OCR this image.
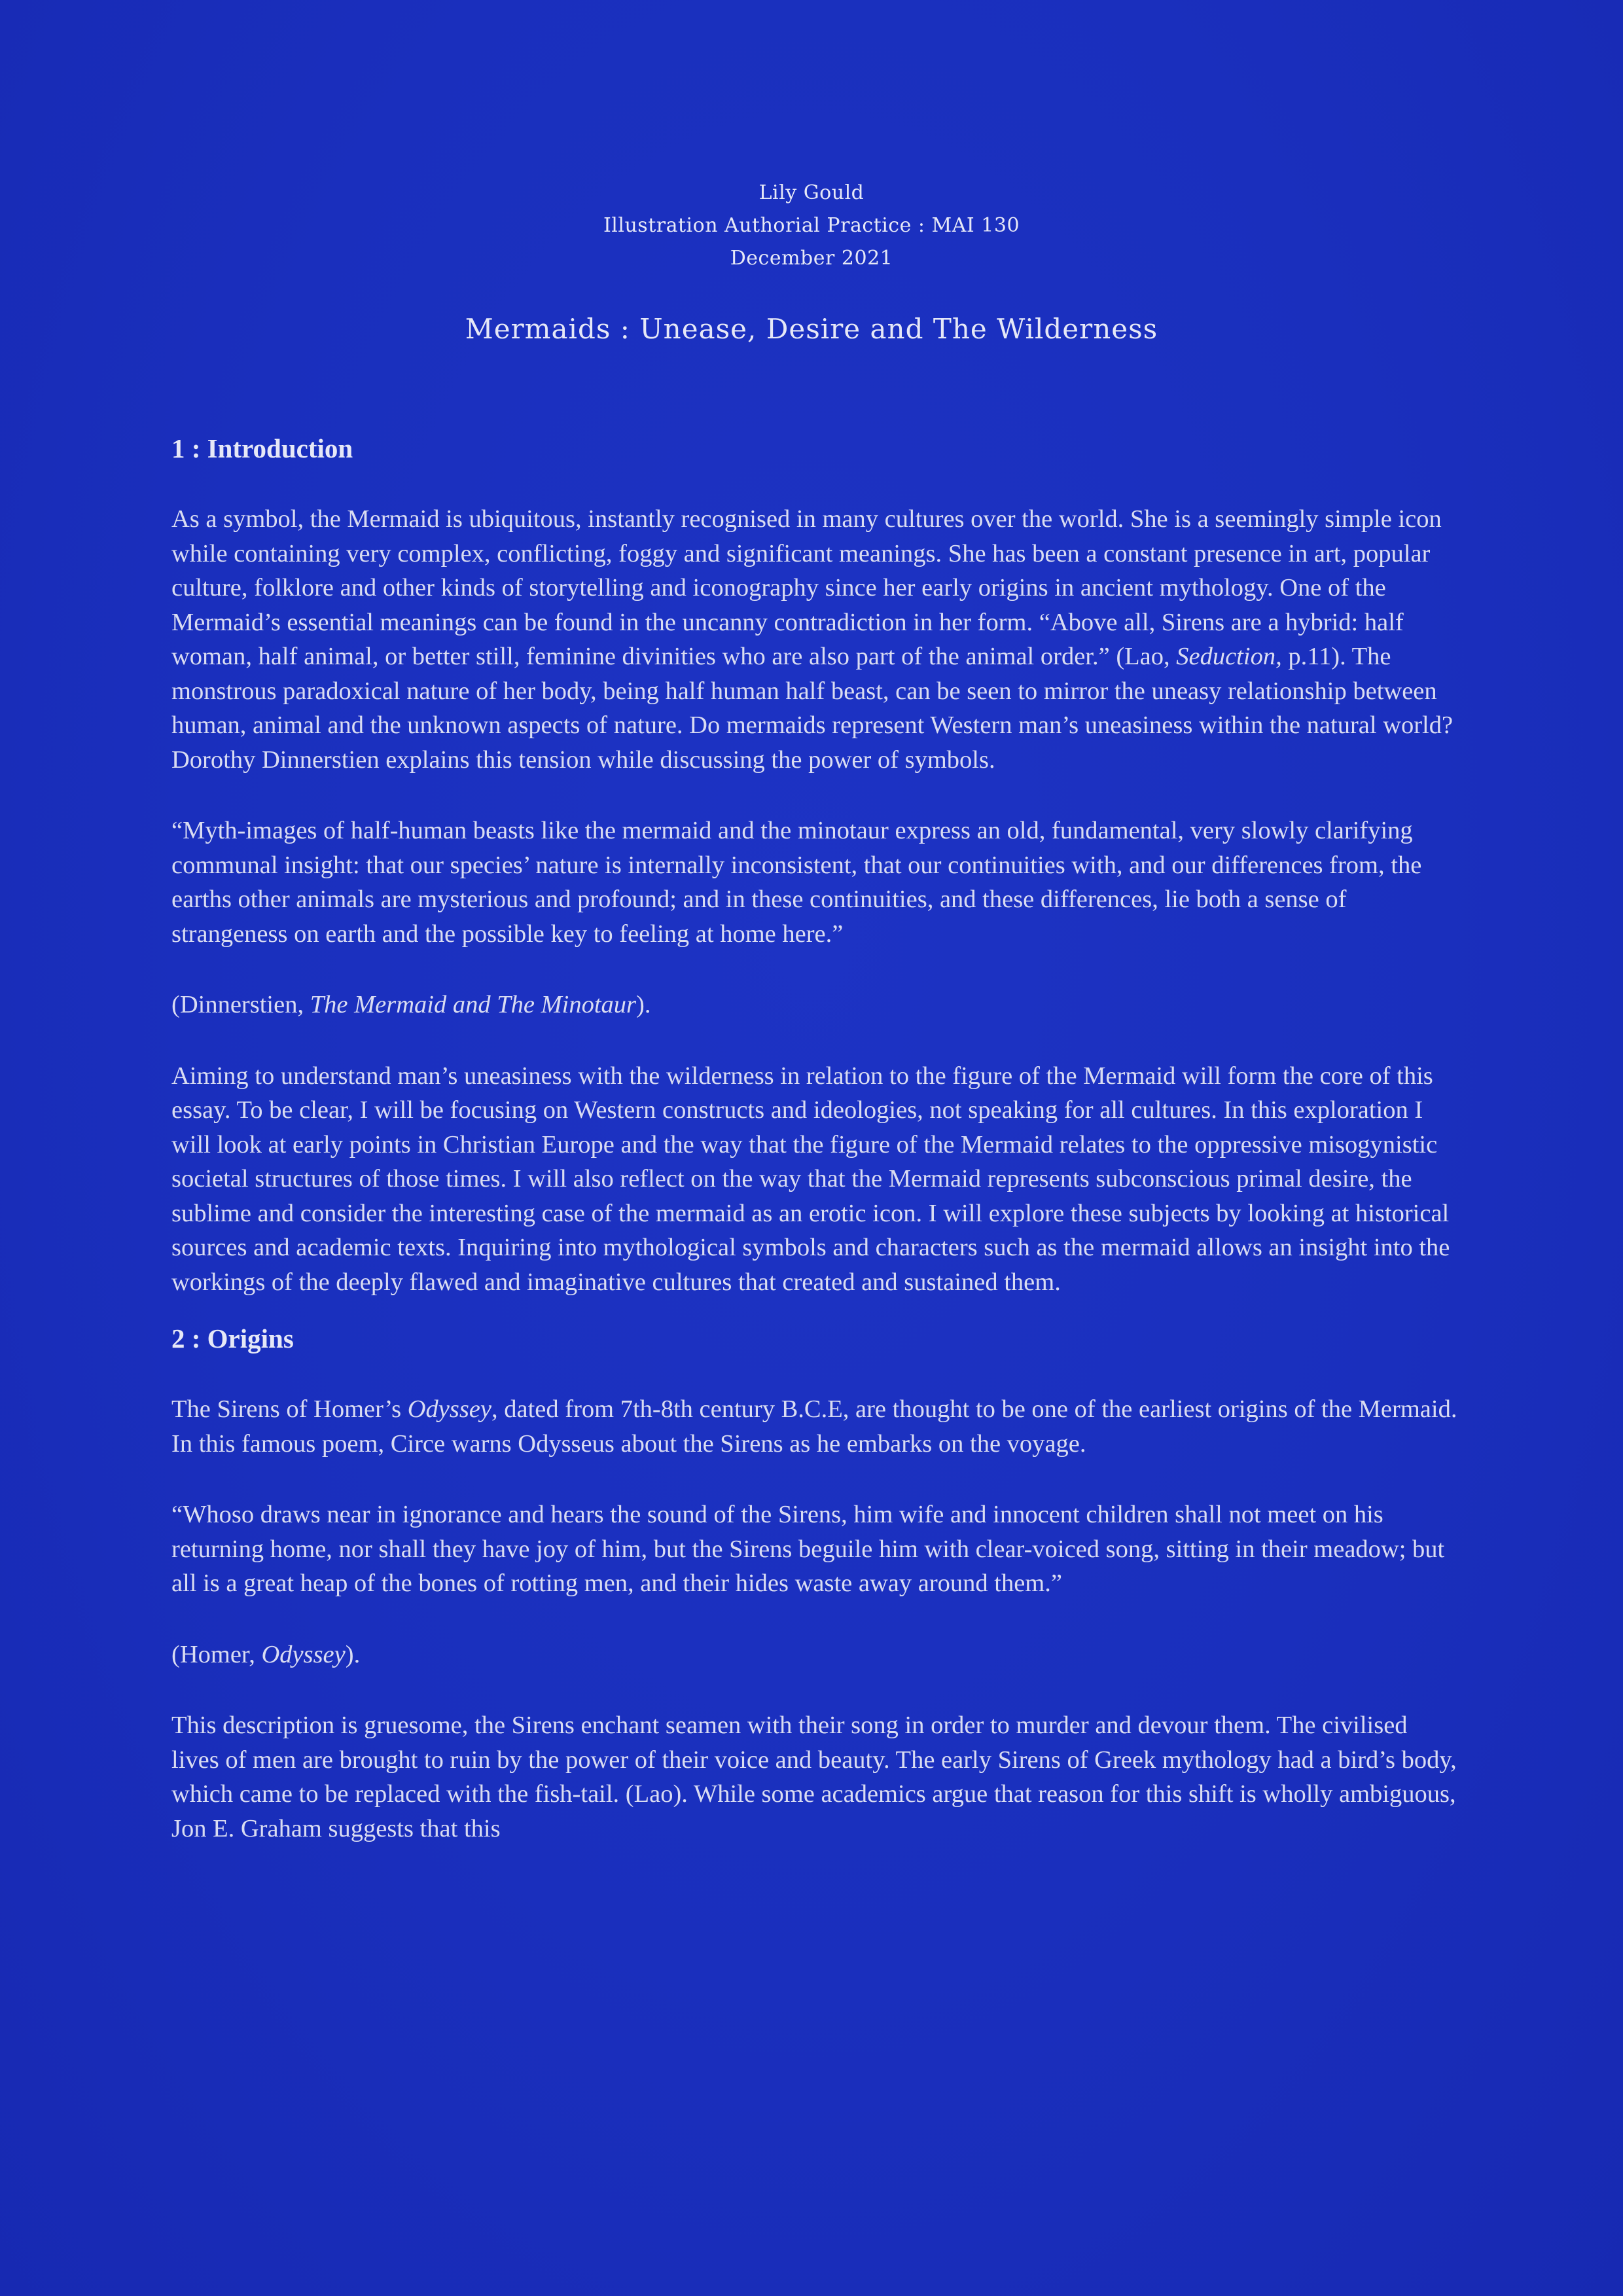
Lily Gould
Illustration Authorial Practice : MAI 130
December 2021
Mermaids : Unease, Desire and The Wilderness
1 : Introduction

As a symbol, the Mermaid is ubiquitous, instantly recognised in many cultures over the world. She is a seemingly simple icon while containing very complex, conflicting, foggy and significant meanings. She has been a constant presence in art, popular culture, folklore and other kinds of storytelling and iconography since her early origins in ancient mythology. One of the Mermaid’s essential meanings can be found in the uncanny contradiction in her form. “Above all, Sirens are a hybrid: half woman, half animal, or better still, feminine divinities who are also part of the animal order.” (Lao, Seduction, p.11). The monstrous paradoxical nature of her body, being half human half beast, can be seen to mirror the uneasy relationship between human, animal and the unknown aspects of nature. Do mermaids represent Western man’s uneasiness within the natural world? Dorothy Dinnerstien explains this tension while discussing the power of symbols.

“Myth-images of half-human beasts like the mermaid and the minotaur express an old, fundamental, very slowly clarifying communal insight: that our species’ nature is internally inconsistent, that our continuities with, and our differences from, the earths other animals are mysterious and profound; and in these continuities, and these differences, lie both a sense of strangeness on earth and the possible key to feeling at home here.”

(Dinnerstien, The Mermaid and The Minotaur).

Aiming to understand man’s uneasiness with the wilderness in relation to the figure of the Mermaid will form the core of this essay. To be clear, I will be focusing on Western constructs and ideologies, not speaking for all cultures. In this exploration I will look at early points in Christian Europe and the way that the figure of the Mermaid relates to the oppressive misogynistic societal structures of those times. I will also reflect on the way that the Mermaid represents subconscious primal desire, the sublime and consider the interesting case of the mermaid as an erotic icon. I will explore these subjects by looking at historical sources and academic texts. Inquiring into mythological symbols and characters such as the mermaid allows an insight into the workings of the deeply flawed and imaginative cultures that created and sustained them.

2 : Origins

The Sirens of Homer’s Odyssey, dated from 7th-8th century B.C.E, are thought to be one of the earliest origins of the Mermaid. In this famous poem, Circe warns Odysseus about the Sirens as he embarks on the voyage.

“Whoso draws near in ignorance and hears the sound of the Sirens, him wife and innocent children shall not meet on his returning home, nor shall they have joy of him, but the Sirens beguile him with clear-voiced song, sitting in their meadow; but all is a great heap of the bones of rotting men, and their hides waste away around them.”

(Homer, Odyssey).

This description is gruesome, the Sirens enchant seamen with their song in order to murder and devour them. The civilised lives of men are brought to ruin by the power of their voice and beauty. The early Sirens of Greek mythology had a bird’s body, which came to be replaced with the fish-tail. (Lao). While some academics argue that reason for this shift is wholly ambiguous, Jon E. Graham suggests that this
